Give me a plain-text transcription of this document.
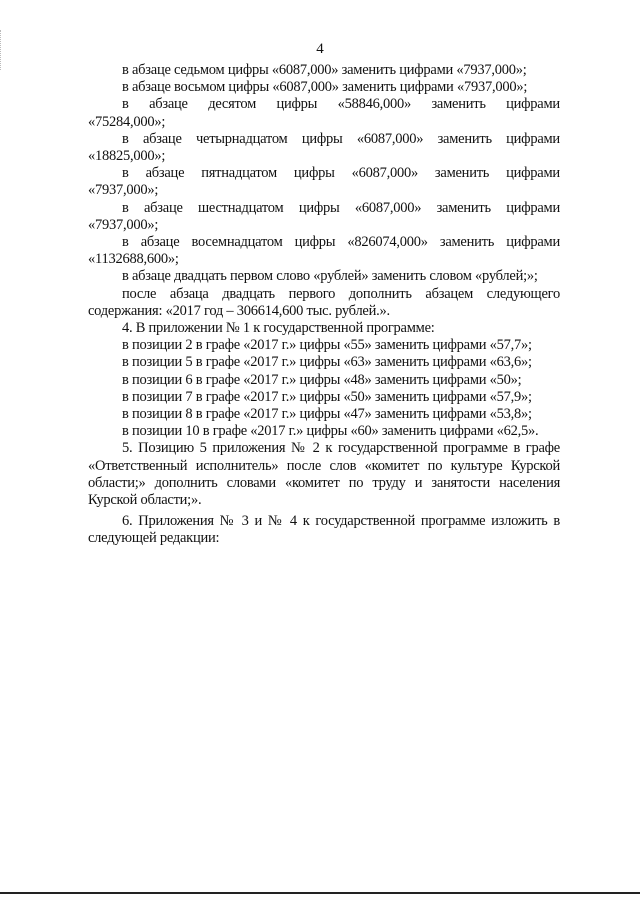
4

в абзаце седьмом цифры «6087,000» заменить цифрами «7937,000»;

в абзаце восьмом цифры «6087,000» заменить цифрами «7937,000»;

в абзаце десятом цифры «58846,000» заменить цифрами
«75284,000»;
в абзаце четырнадцатом цифры «6087,000» заменить цифрами
«18825,000»;
в абзаце пятнадцатом цифры «6087,000» заменить цифрами
«7937,000»;
в абзаце шестнадцатом цифры «6087,000» заменить цифрами
«7937,000»;
в абзаце восемнадцатом цифры «826074,000» заменить цифрами
«1132688,600»;

в абзаце двадцать первом слово «рублей» заменить словом «рублей;»;

после абзаца двадцать первого дополнить абзацем следующего содержания: «2017 год – 306614,600 тыс. рублей.».

4. В приложении № 1 к государственной программе:

в позиции 2 в графе «2017 г.» цифры «55» заменить цифрами «57,7»;

в позиции 5 в графе «2017 г.» цифры «63» заменить цифрами «63,6»;

в позиции 6 в графе «2017 г.» цифры «48» заменить цифрами «50»;

в позиции 7 в графе «2017 г.» цифры «50» заменить цифрами «57,9»;

в позиции 8 в графе «2017 г.» цифры «47» заменить цифрами «53,8»;

в позиции 10 в графе «2017 г.» цифры «60» заменить цифрами «62,5».

5. Позицию 5 приложения № 2 к государственной программе в графе «Ответственный исполнитель» после слов «комитет по культуре Курской области;» дополнить словами «комитет по труду и занятости населения Курской области;».

6. Приложения № 3 и № 4 к государственной программе изложить в следующей редакции:
